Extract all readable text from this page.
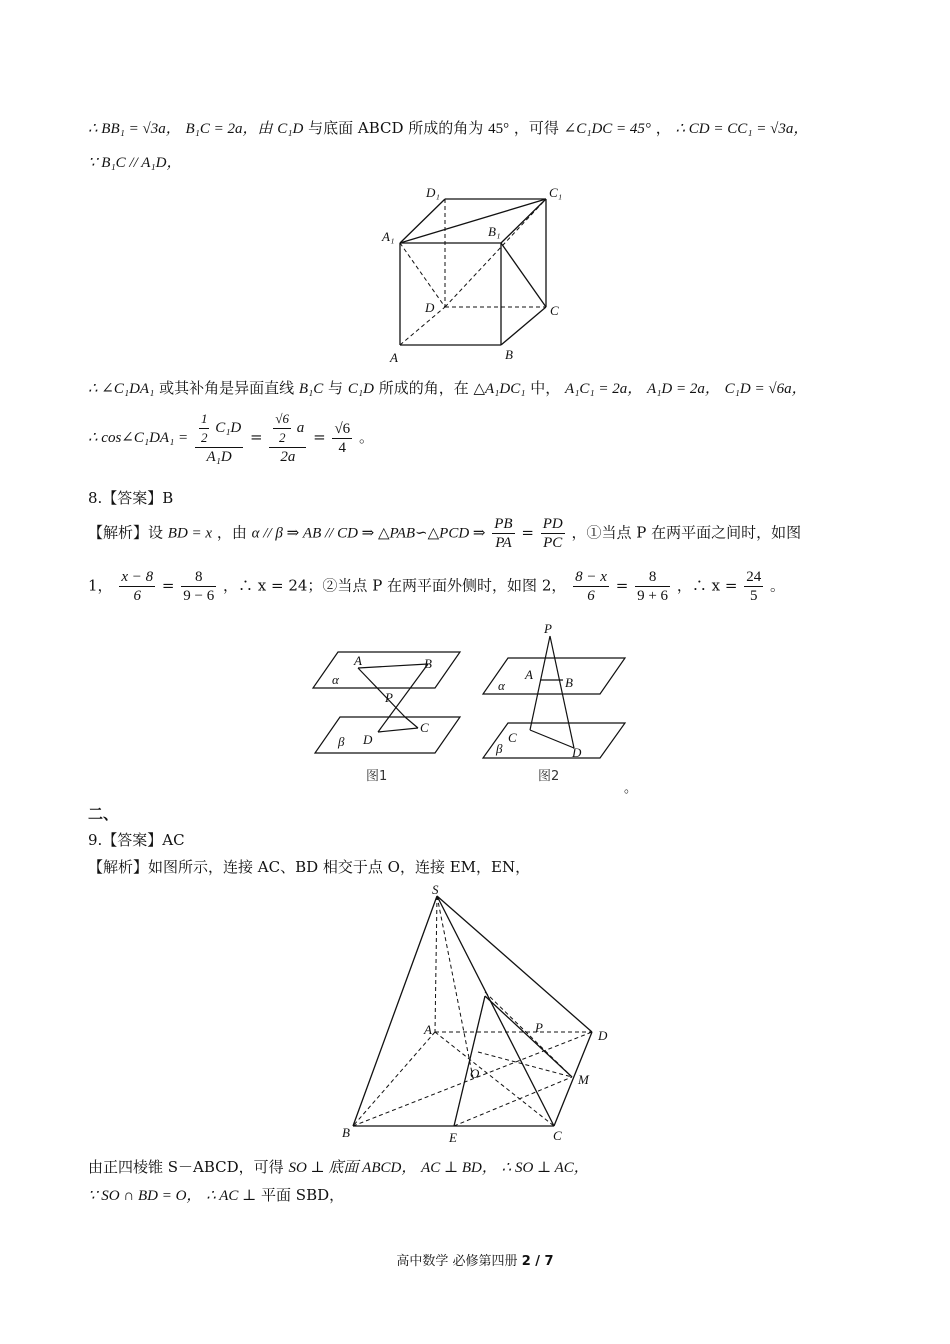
∴ BB₁ = √3a， B₁C = 2a，由 C₁D 与底面 ABCD 所成的角为 45° ，可得 ∠C₁DC = 45° ， ∴ CD = CC₁ = √3a，
∵ B₁C // A₁D，
D₁	C₁
A₁	B₁
D	C
A	B
∴ ∠C₁DA₁ 或其补角是异面直线 B₁C 与 C₁D 所成的角，在 △A₁DC₁ 中， A₁C₁ = 2a， A₁D = 2a， C₁D = √6a，
∴ cos∠C₁DA₁ = $\frac{\frac{1}{2} C_1D}{\text{A₁D}} = \frac{\frac{√6}{2} a}{2a} = \frac{√6}{4}$ 。
8.【答案】B
【解析】设 BD = x ，由 α // β ⇒ AB // CD ⇒ △PAB∽△PCD ⇒ $\frac{PB}{PA} = \frac{PD}{PC}$ ，①当点 P 在两平面之间时，如图
1， $\frac{x - 8}{6} = \frac{8}{9 - 6}$ ，∴ x = 24；②当点 P 在两平面外侧时，如图 2， $\frac{8 - x}{6} = \frac{8}{9 + 6}$ ，∴ $x = \frac{24}{5}$ 。
α
A	B
P
C
D
β
图1
P
α
A
B
C
D
β
图2
。
二、
9.【答案】AC
【解析】如图所示，连接 AC、BD 相交于点 O，连接 EM，EN，
S
A	P
D
O	M
B	E	C
由正四棱锥 S－ABCD，可得 SO ⊥ 底面 ABCD， AC ⊥ BD， ∴ SO ⊥ AC，
∵ SO ∩ BD = O， ∴ AC ⊥ 平面 SBD，
高中数学 必修第四册 2 / 7
